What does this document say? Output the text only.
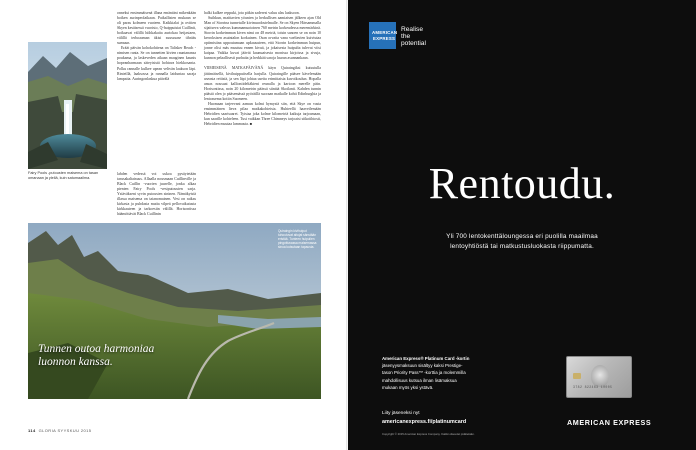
Fairy Pools -putousten maisema on tasan omanaan ja ylellä, kuin satumaailma.

onneksi ensimmäisenä illana emäntäni mikenkään boiken aurinpeolaikaan. Paikallisten mukaan se oli paras kolmeen vuoteen. Kaikkialai ja ovitten Skyen kesäisessä vuoristo, Q-huippuisiat Cuillinit, boikaavat välillä hiihkakaita auriokaa heijastaen, välillä terhoaaman äkisi suussuase tihrääs sumuun.

Eräät päivän kohokohtiena on Talisker Beach -nimisen ranta. Se on tunnetten kivien rauntanansa poukama, ja laskeveden aikaan maaginen kaunis hopeanharmaan säteyisistä hohtava hiekkosanta. Polku rannalle kulkee upean veltvän laakson läpi. Rinteillä, laaksossa ja rannalla laiduntaa saraja lampaita. Auringonlaskua päivälä

lahden vedessä voi uskoa pysäytetään tarusakaltaisuus. Allaalla nousmaan Cuillinville ja Black Cuillin -vuorien juurelle, jonka alkaa pienten Fairy Pools -vesiputousten sarja. Ystäväkseni syvin putousten sininen. Nämäkytstä illassa maisema on taianomainen. Vesi on raikas kirkasta ja puhdasta mutta vilpeä pellovaikutusta kirkkauteen ja tarkoesiin välillä. Horisontissa häämöttävät Black Cuillinin

halki kulkee reppuki, jota pitkin saderesi valuu alas laaksoon.

Suihkun, maittavien yöunien ja herkullisen aamiaisen jälkeen ajan Old Man of Storrina tunnetulle kivimuodostelmalle. Se on Skyen Härsammalla sijaitseva vahvus kummamuotoinen 760 metrin korkeudessa meremärkinä. Storrin korkeimman kiven nimi on 48 metriä, toisin sanoen se on noin 10 kerroksisen asuintalon korkuinen. Osan orvatta vana vaeltavien kuiviutaa optimistina uppoutumaan upkausuteen, että Storrin korkeimman huipun, jonne olisi mäs muutuu ennen kivuä, ja jokaisesta huipulta tulevat viisi kaipaa. Vaikka kuvat jäävät kaunuaisesta monissa kirjoissa ja sivuja, kunnon pelaallisesti parhaita ja herkkää saroja lauran asunnankaan.

VIIMEISENÄ MATKAPÄIVÄNÄ käyn Quiraingiksi kutsutulla jättimäisellä, kivihuippuiisella harjulla. Quiraingille pääsee kävelemään useasta reitistä, ja sen läpi johtaa useita erimittaisia kuvoikoulun. Hopalla ansas nousuat kallioniideltäkieni reunalla ja kartoon merelle päin. Horisontissa, noin 20 kilometrin päässä siintää Skotlanti. Kahden tunnin päästä olen jo pääsemässä pyöräillä suoraan matkalle kohti Edinburghia ja lentoasema kotiin Suomeen.

Huomaan tarjeevani aamun kolmi hymystä siin, että Skye on vasta ensimmäinen lieva pilaa matkakohteista. Huhteellä haaveilemään Hebridien saarisaaret. Tyistaa joka kolme kilometriä kaikuja tarjoamaan, kun saarille kohteleen. Tusi vaikkan Three Chimneys tarjoaisi sitkoiihtosti, Hebridien muutaa lammasta. ■

Quiraingin kivihuiput tuhoutuvat aitojat sänstään eristää. Tunteen huipuilen pingottuvassa maisemassa sinua kutsutaan tapausta.
Tunnen outoa harmoniaa luonnon kanssa.
114 GLORIA SYYSKUU 2015
AMERICAN
EXPRESS
Realise
the
potential
Rentoudu.
Yli 700 lentokenttäloungessa eri puolilla maailmaa
lentoyhtiöstä tai matkustusluokasta riippumatta.
American Express® Platinum Card -kortin
jäsenyysmaksuun sisältyy kaksi Prestige-
tason Priority Pass™ -korttia ja molemmilla
mahdollisuus kutsua ilman lisämaksua
mukaan myös yksi ystävä.
Liity jäseneksi nyt
americanexpress.fi/platinumcard
Copyright © 2015 American Express Company. Kaikki oikeudet pidätetään.
3782 822463 10005
AMERICAN EXPRESS
